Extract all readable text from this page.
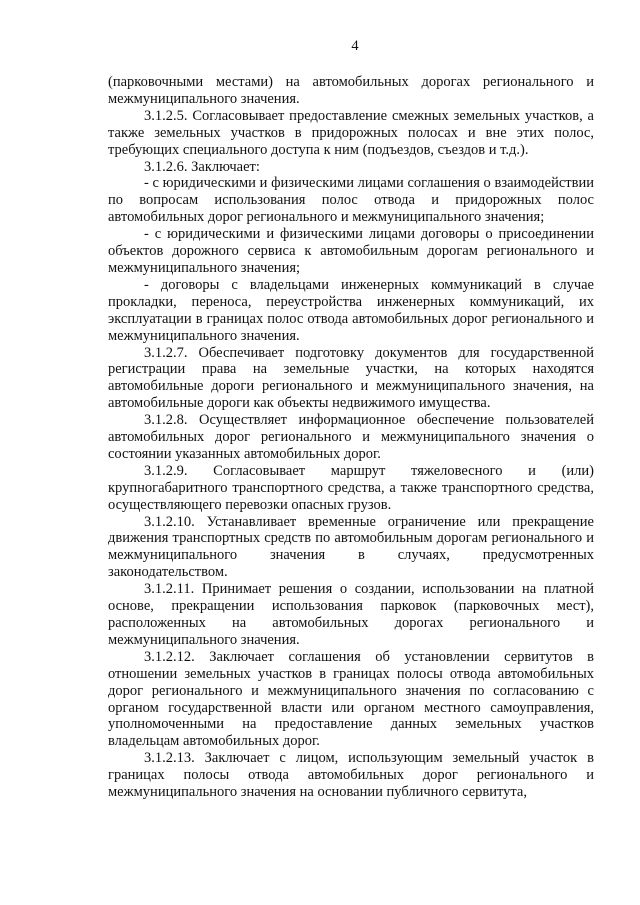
4

(парковочными местами) на автомобильных дорогах регионального и межмуниципального значения.

3.1.2.5. Согласовывает предоставление смежных земельных участков, а также земельных участков в придорожных полосах и вне этих полос, требующих специального доступа к ним (подъездов, съездов и т.д.).

3.1.2.6. Заключает:

- с юридическими и физическими лицами соглашения о взаимодействии по вопросам использования полос отвода и придорожных полос автомобильных дорог регионального и межмуниципального значения;

- с юридическими и физическими лицами договоры о присоединении объектов дорожного сервиса к автомобильным дорогам регионального и межмуниципального значения;

- договоры с владельцами инженерных коммуникаций в случае прокладки, переноса, переустройства инженерных коммуникаций, их эксплуатации в границах полос отвода автомобильных дорог регионального и межмуниципального значения.

3.1.2.7. Обеспечивает подготовку документов для государственной регистрации права на земельные участки, на которых находятся автомобильные дороги регионального и межмуниципального значения, на автомобильные дороги как объекты недвижимого имущества.

3.1.2.8. Осуществляет информационное обеспечение пользователей автомобильных дорог регионального и межмуниципального значения о состоянии указанных автомобильных дорог.

3.1.2.9. Согласовывает маршрут тяжеловесного и (или) крупногабаритного транспортного средства, а также транспортного средства, осуществляющего перевозки опасных грузов.

3.1.2.10. Устанавливает временные ограничение или прекращение движения транспортных средств по автомобильным дорогам регионального и межмуниципального значения в случаях, предусмотренных законодательством.

3.1.2.11. Принимает решения о создании, использовании на платной основе, прекращении использования парковок (парковочных мест), расположенных на автомобильных дорогах регионального и межмуниципального значения.

3.1.2.12. Заключает соглашения об установлении сервитутов в отношении земельных участков в границах полосы отвода автомобильных дорог регионального и межмуниципального значения по согласованию с органом государственной власти или органом местного самоуправления, уполномоченными на предоставление данных земельных участков владельцам автомобильных дорог.

3.1.2.13. Заключает с лицом, использующим земельный участок в границах полосы отвода автомобильных дорог регионального и межмуниципального значения на основании публичного сервитута,
